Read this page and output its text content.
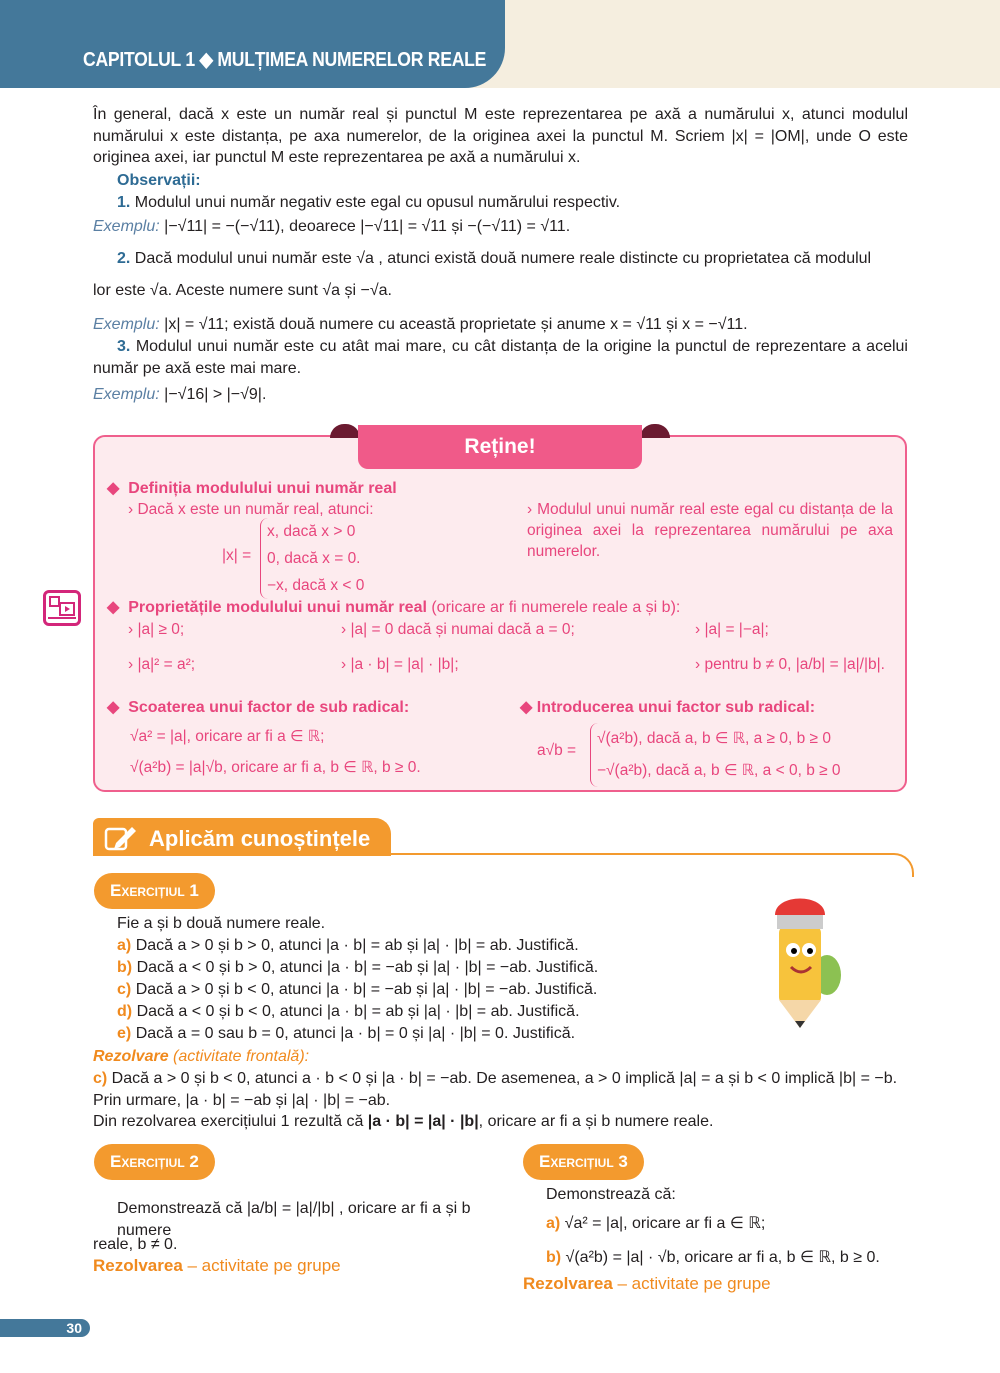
CAPITOLUL 1 ◆ MULȚIMEA NUMERELOR REALE
În general, dacă x este un număr real și punctul M este reprezentarea pe axă a numărului x, atunci modulul numărului x este distanța, pe axa numerelor, de la originea axei la punctul M. Scriem |x| = |OM|, unde O este originea axei, iar punctul M este reprezentarea pe axă a numărului x.
Observații:
1. Modulul unui număr negativ este egal cu opusul numărului respectiv.
Exemplu: |−√11| = −(−√11), deoarece |−√11| = √11 și −(−√11) = √11.
2. Dacă modulul unui număr este √a , atunci există două numere reale distincte cu proprietatea că modulul
lor este √a. Aceste numere sunt √a și −√a.
Exemplu: |x| = √11; există două numere cu această proprietate și anume x = √11 și x = −√11.
3. Modulul unui număr este cu atât mai mare, cu cât distanța de la origine la punctul de reprezentare a acelui număr pe axă este mai mare.
Exemplu: |−√16| > |−√9|.
Reține!
◆  Definiția modulului unui număr real
› Dacă x este un număr real, atunci:
|x| =
x, dacă x > 0
0, dacă x = 0.
−x, dacă x < 0
› Modulul unui număr real este egal cu distanța de la originea axei la reprezentarea numărului pe axa numerelor.
◆  Proprietățile modulului unui număr real (oricare ar fi numerele reale a și b):
› |a| ≥ 0;	› |a| = 0 dacă și numai dacă a = 0;	› |a| = |−a|;
› |a|² = a²;	› |a · b| = |a| · |b|;	› pentru b ≠ 0, |a/b| = |a|/|b|.
◆  Scoaterea unui factor de sub radical:
√a² = |a|, oricare ar fi a ∈ ℝ;
√(a²b) = |a|√b, oricare ar fi a, b ∈ ℝ, b ≥ 0.
◆ Introducerea unui factor sub radical:
a√b =
√(a²b), dacă a, b ∈ ℝ, a ≥ 0, b ≥ 0
−√(a²b), dacă a, b ∈ ℝ, a < 0, b ≥ 0
Aplicăm cunoștințele
Exercițiul 1
Fie a și b două numere reale.
a) Dacă a > 0 și b > 0, atunci |a · b| = ab și |a| · |b| = ab. Justifică.
b) Dacă a < 0 și b > 0, atunci |a · b| = −ab și |a| · |b| = −ab. Justifică.
c) Dacă a > 0 și b < 0, atunci |a · b| = −ab și |a| · |b| = −ab. Justifică.
d) Dacă a < 0 și b < 0, atunci |a · b| = ab și |a| · |b| = ab. Justifică.
e) Dacă a = 0 sau b = 0, atunci |a · b| = 0 și |a| · |b| = 0. Justifică.
Rezolvare (activitate frontală):
c) Dacă a > 0 și b < 0, atunci a · b < 0 și |a · b| = −ab. De asemenea, a > 0 implică |a| = a și b < 0 implică |b| = −b.
Prin urmare, |a · b| = −ab și |a| · |b| = −ab.
Din rezolvarea exercițiului 1 rezultă că |a · b| = |a| · |b|, oricare ar fi a și b numere reale.
Exercițiul 2
Demonstrează că |a/b| = |a|/|b| , oricare ar fi a și b numere
reale, b ≠ 0.
Rezolvarea – activitate pe grupe
Exercițiul 3
Demonstrează că:
a) √a² = |a|, oricare ar fi a ∈ ℝ;
b) √(a²b) = |a| · √b, oricare ar fi a, b ∈ ℝ, b ≥ 0.
Rezolvarea – activitate pe grupe
30
